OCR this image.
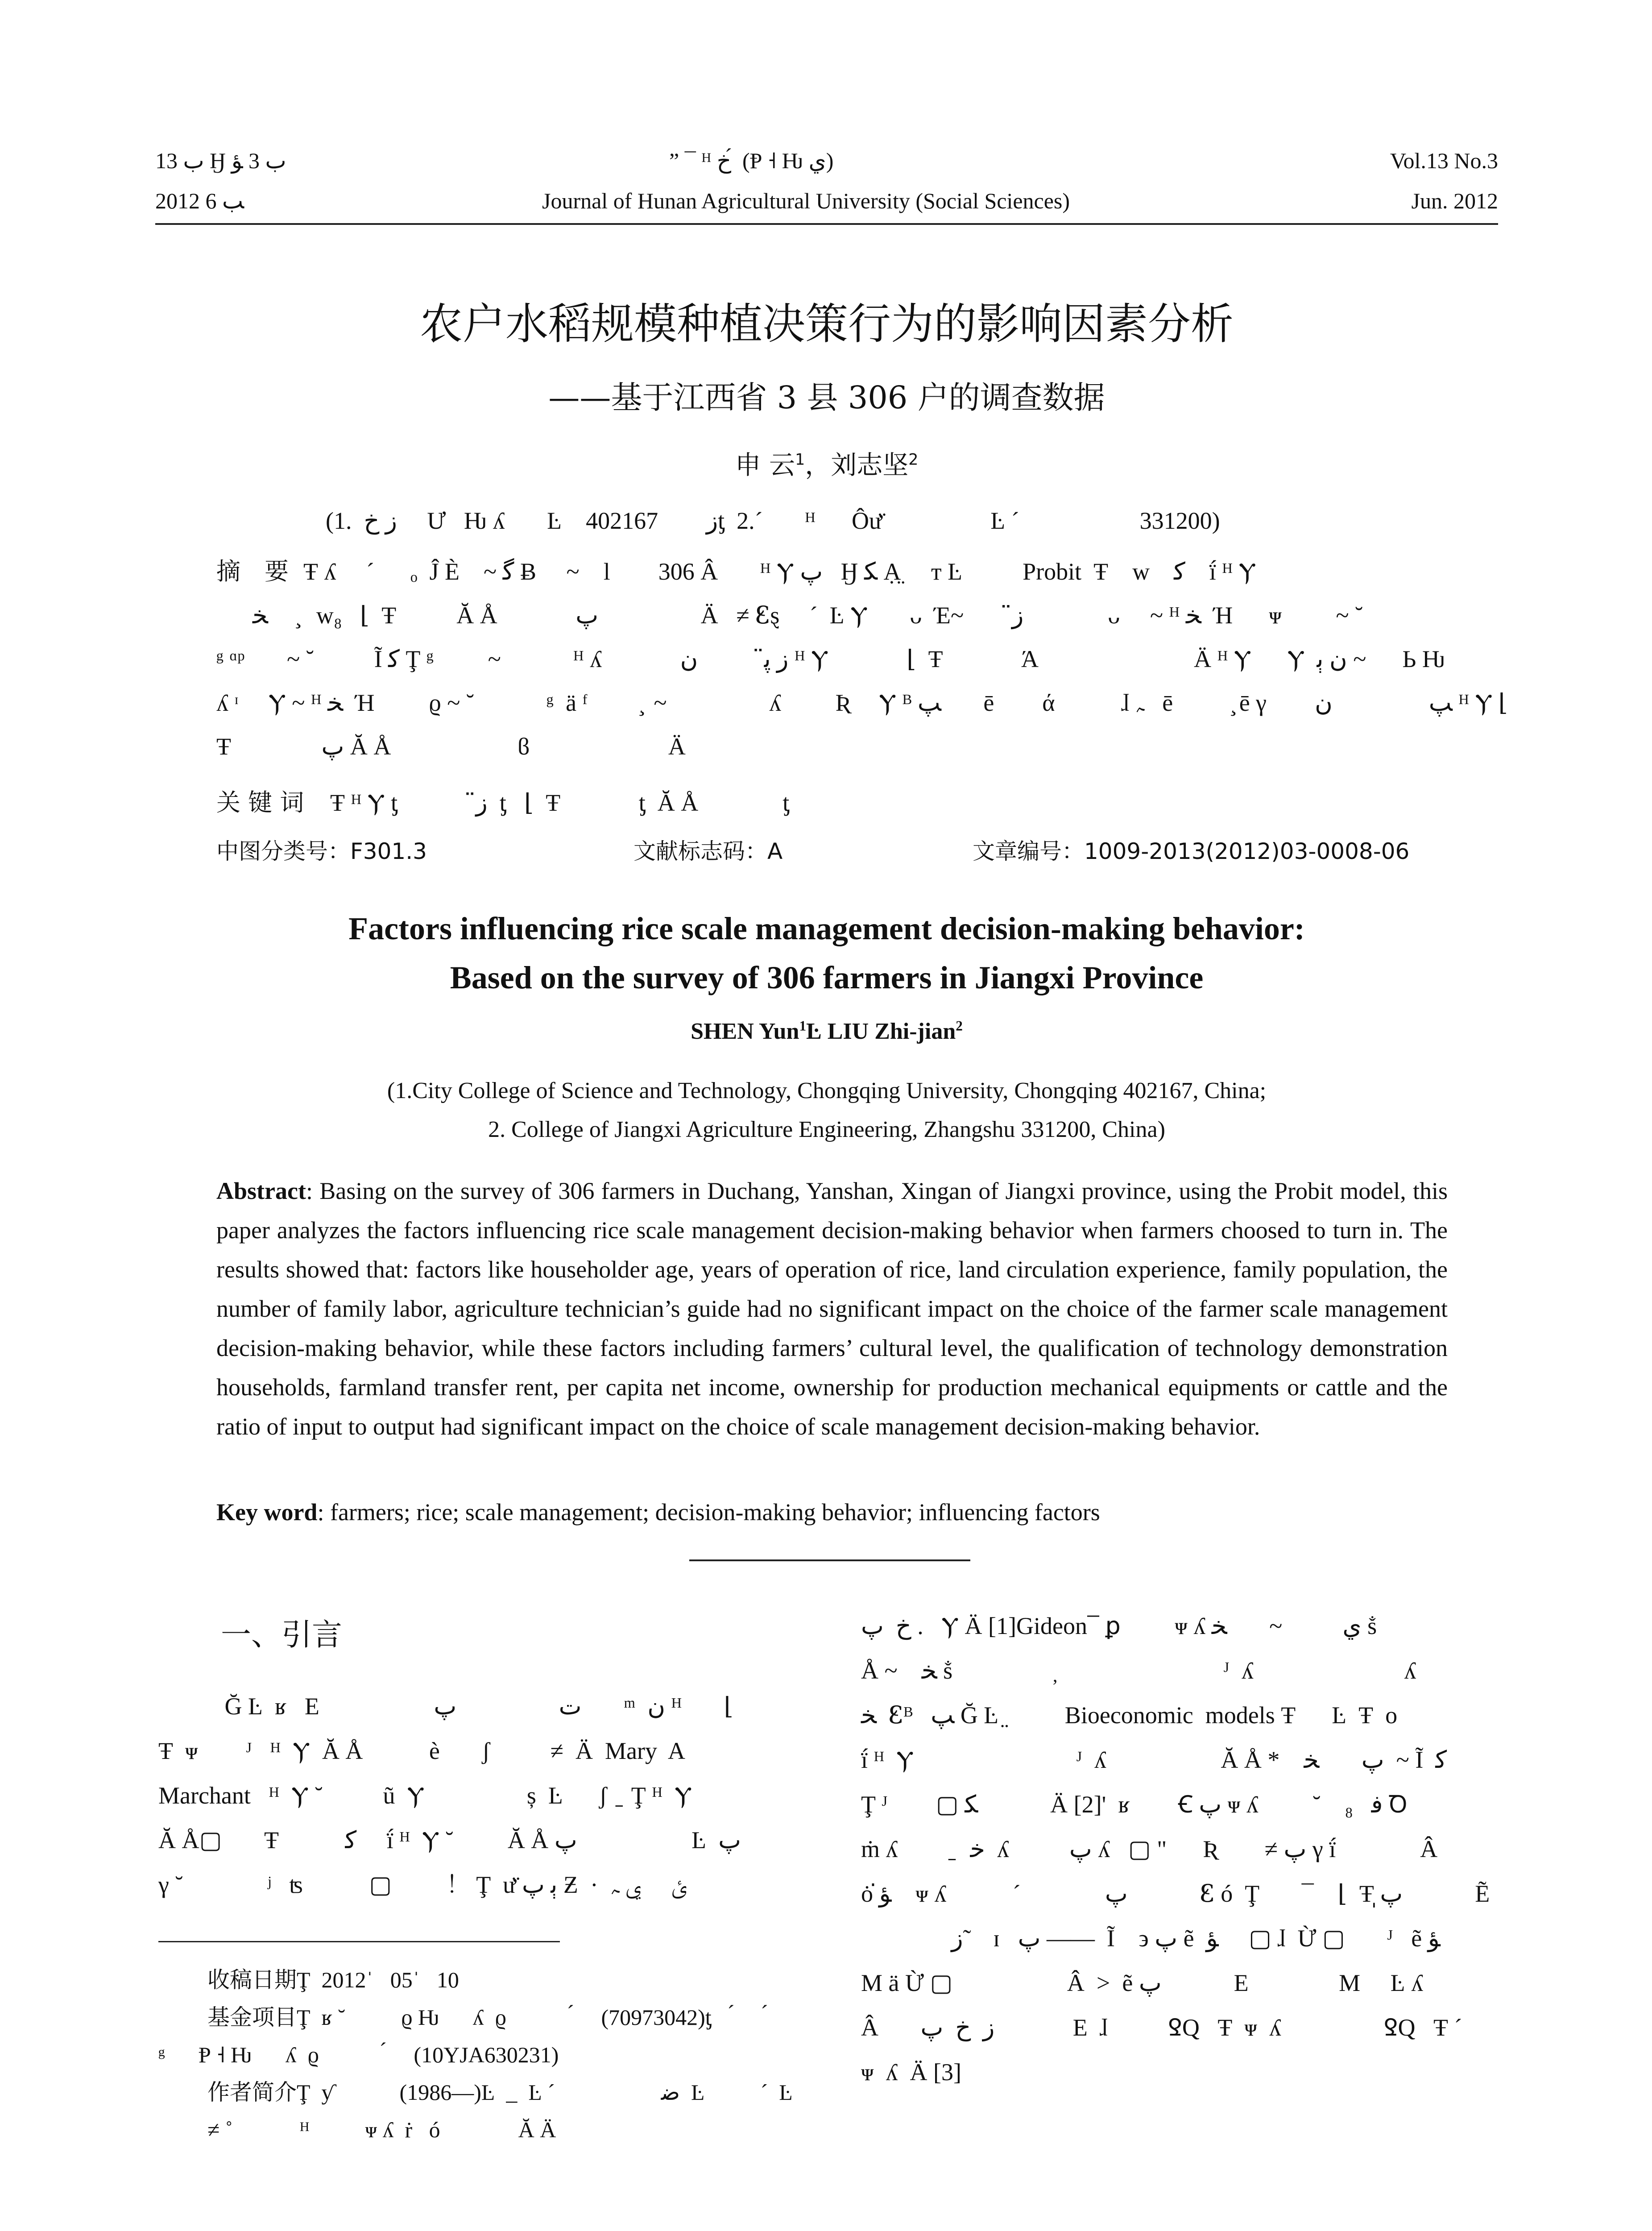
ﺏ 13 Ӈ ﺏ 3 ﺆ	” ¯ ᴴ ﺥ ́ (Ᵽ ˧ Ƕ ﻱ)	Vol.13 No.3
2012 ﺐ 6	Journal of Hunan Agricultural University (Social Sciences)	Jun. 2012
农户水稻规模种植决策行为的影响因素分析
——基于江西省 3 县 306 户的调查数据
申 云$^1$，刘志坚$^2$
(1.  ﺯ ﺥ     Ư   Ƕ ʎ       Ŀ    ﺯ        402167ƫ  2.ˊ       ᴴ      Ôư̈                  Ŀ ˊ                    331200)
摘　要 Ŧ ʎ     ˊ      ₒ  Ĵ È    ~ ﮔ Ƀ     ~    l        306 Â       ᴴ Ⲩ ﭖ   Ӈ ﮑ Ạ̤     ᴛ Ŀ          Probit  Ŧ    ᴡ    ﮐ    ḯ ᴴ Ⲩ
ﺨ      ̧  ᴡ₈   ⌊  Ŧ          Ă Å             ﭖ                 Ä   ≠ Ꜫȿ     ˊ  Ŀ Ⲩ       ᴗ  Έ~        ﺯ̈              ᴗ     ~ ᴴ ﺨ  Ή      ᴪ         ~ ˘
ᵍ ᵅᵖ       ~ ˘          Ĩ ﮐ Ţ ᵍ         ~            ᴴ ʎ             ﺯ ﭘ̈           ﻥ ᴴ Ⲩ             ⌊  Ŧ             Ά                          Ä ᴴ Ⲩ      Ⲩ  ﻥ ﭔ ~      Ь Ƕ
ʎ ᶦ     Ⲩ ~ ᴴ ﺨ  Ή         ϱ ~ ˘            ᵍ  ä ᶠ         ̧  ~                 ʎ         Ʀ     Ⲩ ᴮ ﭗ       ē        ά           ɺ ﮧ   ē          ̧ ē γ        ﭗ                ﻥ ᴴ Ⲩ ⌊
Ŧ               ﭖ Ă Å                     ϐ                       Ä
关 键 词 Ŧ ᴴ Ⲩ ƫ             ﺯ̈  ƫ   ⌊  Ŧ             ƫ  Ă Å              ƫ
中图分类号：F301.3	文献标志码：A	文章编号：1009-2013(2012)03-0008-06
Factors influencing rice scale management decision-making behavior:
Based on the survey of 306 farmers in Jiangxi Province
SHEN Yun$^1$Ŀ LIU Zhi-jian$^2$
(1.City College of Science and Technology, Chongqing University, Chongqing 402167, China;
2. College of Jiangxi Agriculture Engineering, Zhangshu 331200, China)
Abstract: Basing on the survey of 306 farmers in Duchang, Yanshan, Xingan of Jiangxi province, using the Probit model, this paper analyzes the factors influencing rice scale management decision-making behavior when farmers choosed to turn in. The results showed that: factors like householder age, years of operation of rice, land circulation experience, family population, the number of family labor, agriculture technician’s guide had no significant impact on the choice of the farmer scale management decision-making behavior, while these factors including farmers’ cultural level, the qualification of technology demonstration households, farmland transfer rent, per capita net income, ownership for production mechanical equipments or cattle and the ratio of input to output had significant impact on the choice of scale management decision-making behavior.
Key word: farmers; rice; scale management; decision-making behavior; influencing factors
一、引言
Ğ Ŀ  ʁ   Ε                   ﺕ                 ﭖ       ᵐ  ﻥ ᴴ       ⌊
Ŧ  ᴪ        ᴶ   ᴴ  Ⲩ  Ă Å           è       ʃ          ≠  Ä  Mary  A
Marchant   ᴴ  Ⲩ ˘          ũ  Ⲩ                 ș  Ŀ      ʃ  ̠  Ţ ᴴ  Ⲩ
Ă Å▢       Ŧ           ﮐ     ḯ ᴴ  Ⲩ ˘         Ă Å ﭖ                   Ŀ  ﭖ
γ ˘              ʲ   ʦ           ▢         ！ Ţ  ư̈ ﭔ ﭖ Ƶ  ·  ﺉ     ﻱ ﮧ
收稿日期Ţ  2012ˈ   05ˈ   10
基金项目Ţ  ʁ ˘          ϱ Ƕ      ʎ  ϱ            ́     (70973042)ƫ    ́      ́
ᵍ      Ᵽ ˧ Ƕ      ʎ  ϱ            ́     (10YJA630231)
作者简介Ţ  ƴ            (1986—)Ŀ  _  Ŀ ˊ                   ﺿ  Ŀ          ˊ  Ŀ
≠ ˚            ᴴ          ᴪ ʎ  ṙ   ó              Ă Ä
ﺥ  ﭖ .   Ⲩ Ä [1]Gideon ̅  ꝑ         ᴪ ʎ ﻱ          ~       ﺨ ṧ
Å ~    ﺨ ṧ                 ̦                            ᴶ  ʎ                         ʎ
ﺨ  Ꜫᴮ   ﭗ Ğ Ŀ ̤          Bioeconomic  models Ŧ      Ŀ  Ŧ  o
ḯ ᴴ  Ⲩ                           ᴶ  ʎ                   Ă Å *    ﭖ       ﺨ  ~ Ĩ  ﮐ
Ţ ᴶ        ▢ ﮑ            Ä [2]'  ʁ        Ꞓ ﭖ ᴪ ʎ         ˘    ₈   ﻓ Ꝺ
ṁ ʎ         ̠   ﺧ  ʎ          ﭖ ʎ   ▢ "      Ʀ        ≠ ﭖ γ ḯ              Â
ȯ ﺆ̇    ᴪ ʎ           ˊ              ﭖ            Ꜫ ó  Ţ       ¯    ⌊  Ŧ ﭖ̩            Ẽ
ﺯ ̃    ɪ   ﭖ ——  Ĩ    ϶ ﭖ ẽ  ﺆ     ▢ ɺ  Ừ ▢       ᴶ   ẽ ﺆ
M ä Ừ ▢                   Â  >  ẽ ﭖ            Ε               M     Ŀ ʎ
Â       ﺯ  ﺥ  ﭖ             Ε  ɺ          ꝾQ   Ŧ  ᴪ  ʎ                 ꝾQ   Ŧ ˊ
ᴪ  ʎ  Ä [3]
